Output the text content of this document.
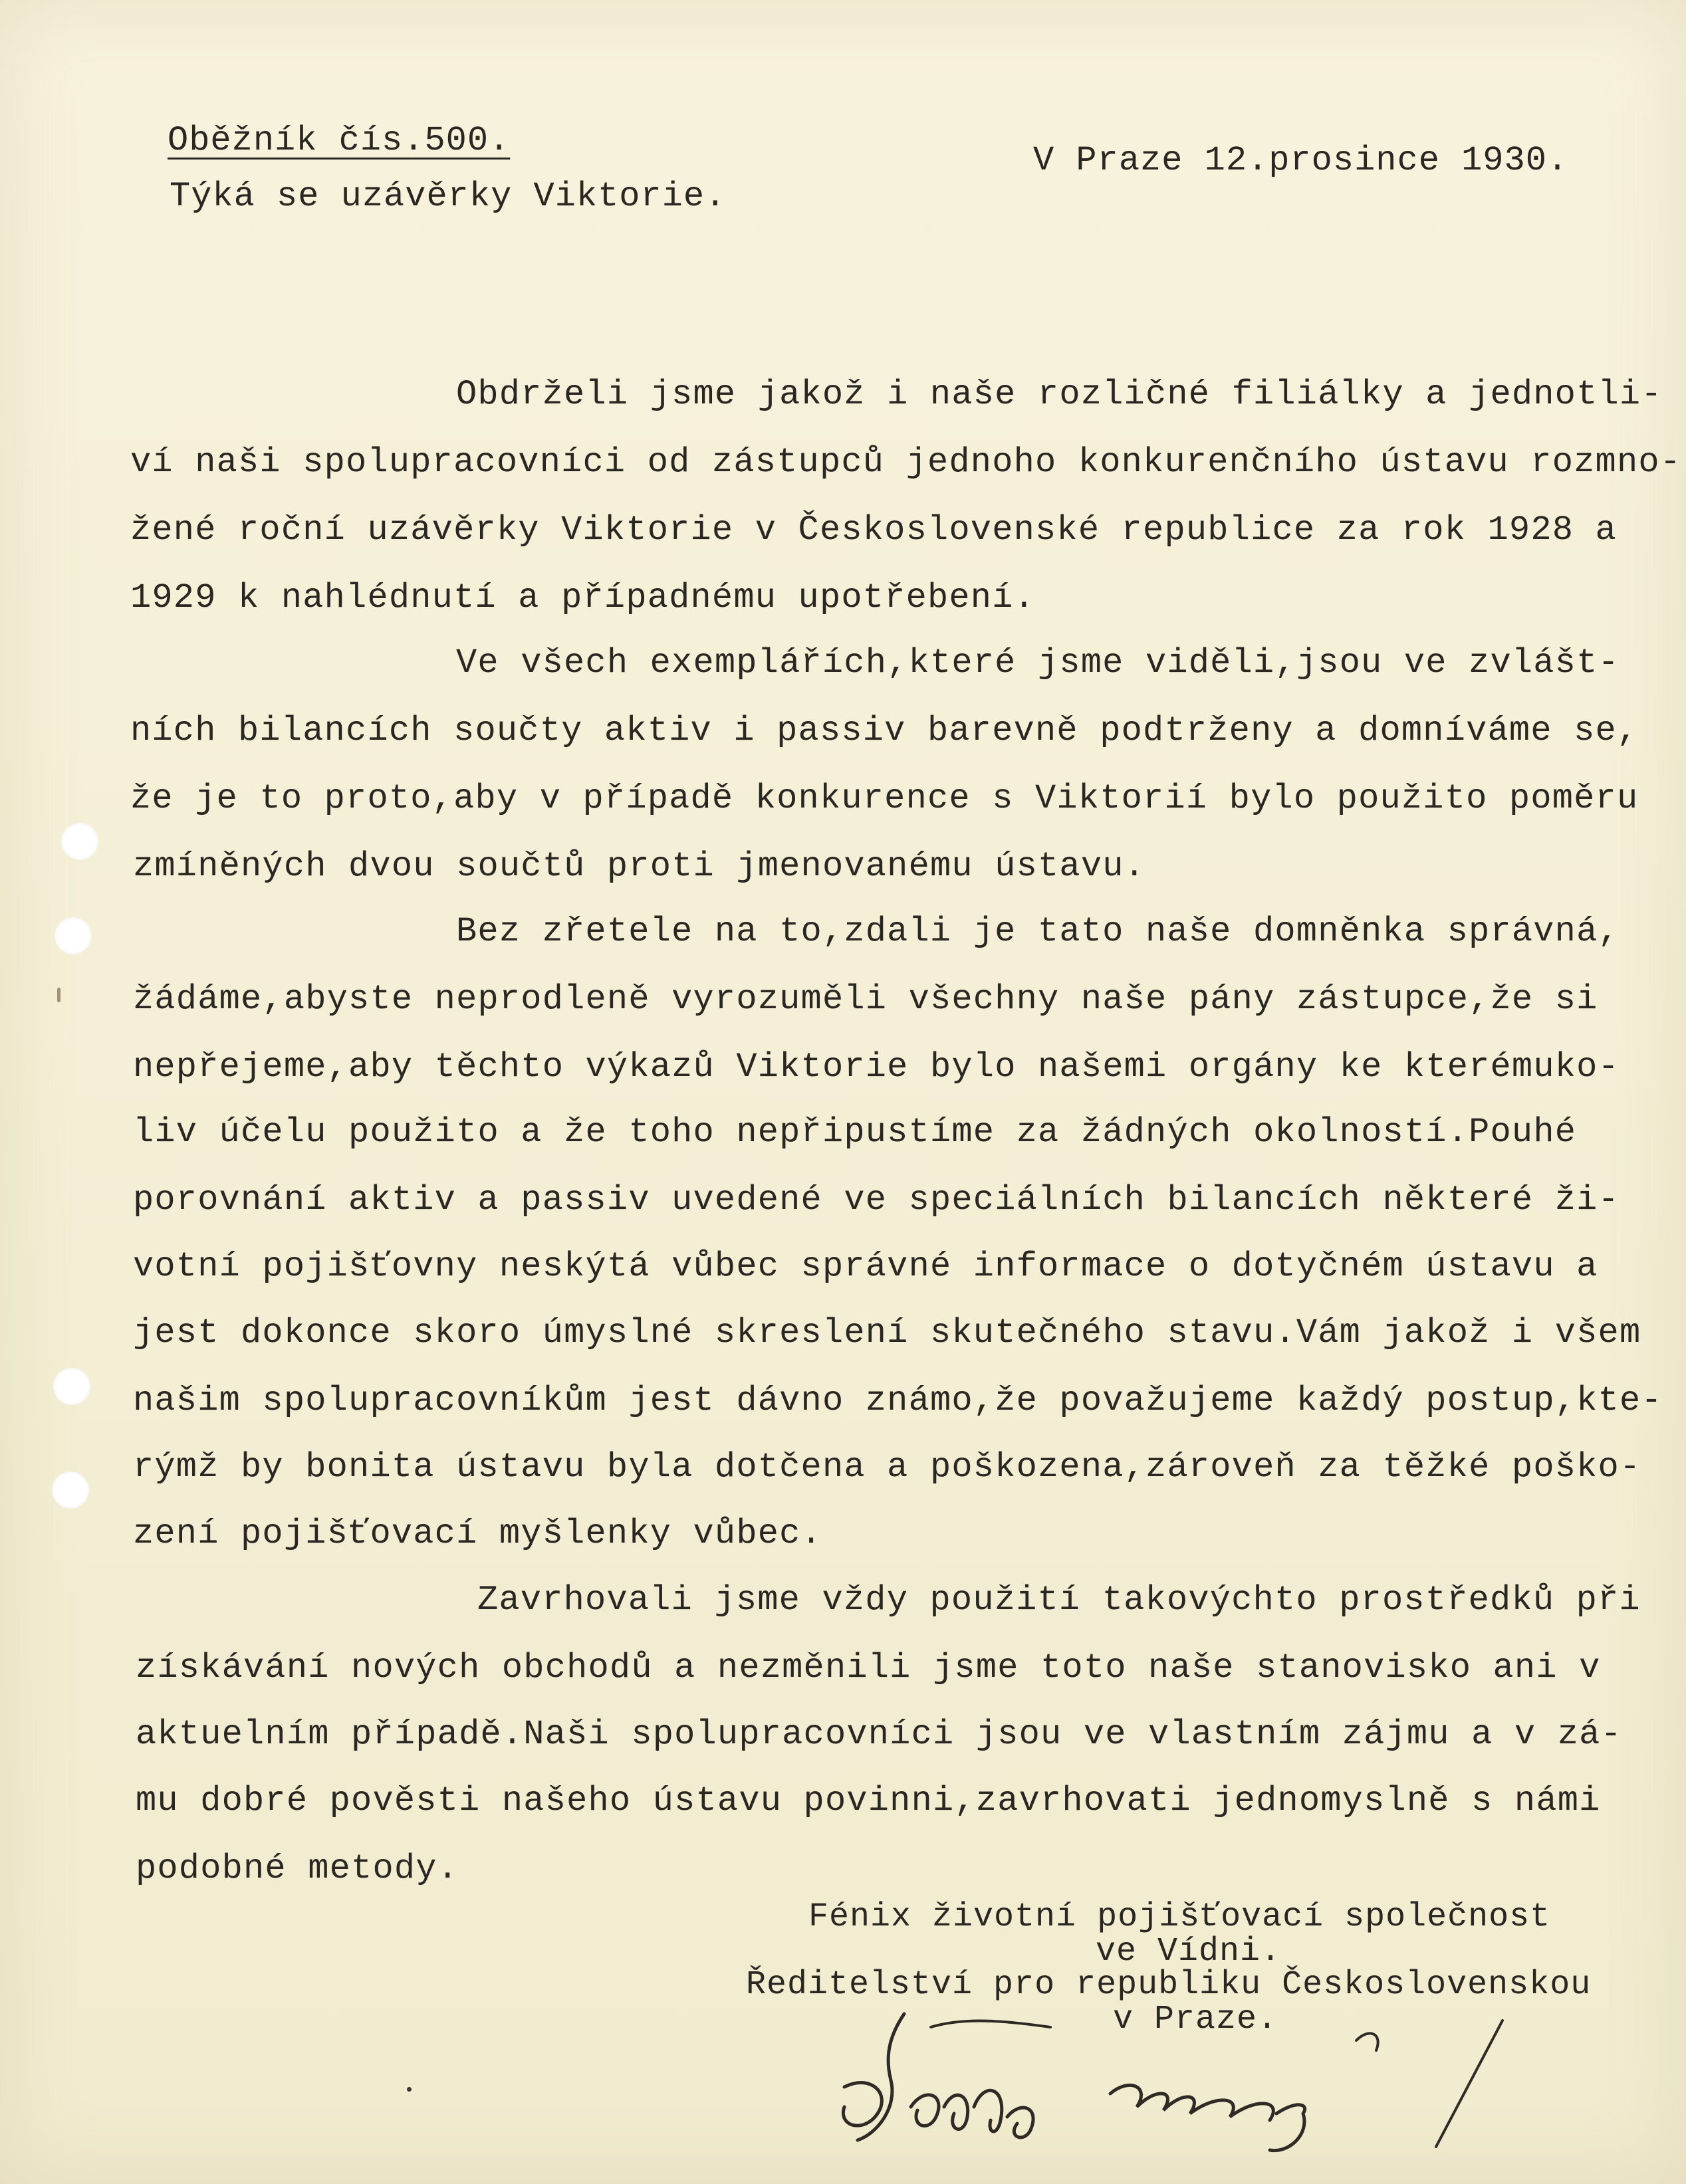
Oběžník čís.500.
Týká se uzávěrky Viktorie.
V Praze 12.prosince 1930.
Obdrželi jsme jakož i naše rozličné filiálky a jednotli-
ví naši spolupracovníci od zástupců jednoho konkurenčního ústavu rozmno-
žené roční uzávěrky Viktorie v Československé republice za rok 1928 a
1929 k nahlédnutí a případnému upotřebení.
Ve všech exemplářích,které jsme viděli,jsou ve zvlášt-
ních bilancích součty aktiv i passiv barevně podtrženy a domníváme se,
že je to proto,aby v případě konkurence s Viktorií bylo použito poměru
zmíněných dvou součtů proti jmenovanému ústavu.
Bez zřetele na to,zdali je tato naše domněnka správná,
žádáme,abyste neprodleně vyrozuměli všechny naše pány zástupce,že si
nepřejeme,aby těchto výkazů Viktorie bylo našemi orgány ke kterémuko-
liv účelu použito a že toho nepřipustíme za žádných okolností.Pouhé
porovnání aktiv a passiv uvedené ve speciálních bilancích některé ži-
votní pojišťovny neskýtá vůbec správné informace o dotyčném ústavu a
jest dokonce skoro úmyslné skreslení skutečného stavu.Vám jakož i všem
našim spolupracovníkům jest dávno známo,že považujeme každý postup,kte-
rýmž by bonita ústavu byla dotčena a poškozena,zároveň za těžké poško-
zení pojišťovací myšlenky vůbec.
Zavrhovali jsme vždy použití takovýchto prostředků při
získávání nových obchodů a nezměnili jsme toto naše stanovisko ani v
aktuelním případě.Naši spolupracovníci jsou ve vlastním zájmu a v zá-
mu dobré pověsti našeho ústavu povinni,zavrhovati jednomyslně s námi
podobné metody.
Fénix životní pojišťovací společnost
ve Vídni.
Ředitelství pro republiku Československou
v Praze.
